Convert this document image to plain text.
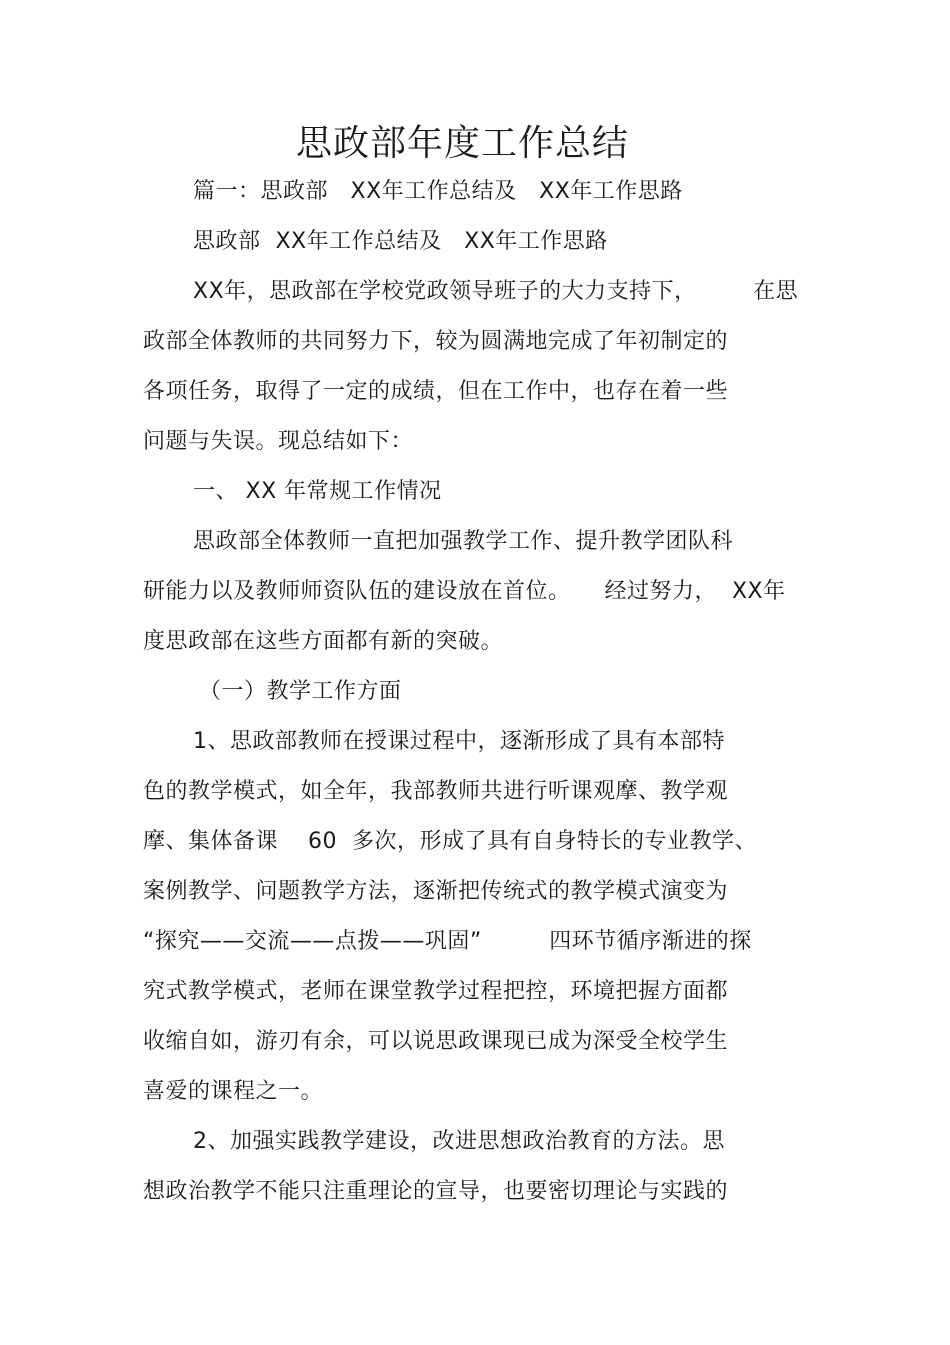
思政部年度工作总结
篇一：思政部　XX年工作总结及　XX年工作思路
思政部  XX年工作总结及　XX年工作思路
XX年，思政部在学校党政领导班子的大力支持下，　　　在思
政部全体教师的共同努力下，较为圆满地完成了年初制定的
各项任务，取得了一定的成绩，但在工作中，也存在着一些
问题与失误。现总结如下：
一、 XX 年常规工作情况
思政部全体教师一直把加强教学工作、提升教学团队科
研能力以及教师师资队伍的建设放在首位。　　经过努力，  XX年
度思政部在这些方面都有新的突破。
（一）教学工作方面
1、思政部教师在授课过程中，逐渐形成了具有本部特
色的教学模式，如全年，我部教师共进行听课观摩、教学观
摩、集体备课　 60  多次，形成了具有自身特长的专业教学、
案例教学、问题教学方法，逐渐把传统式的教学模式演变为
“探究——交流——点拨——巩固”　　　四环节循序渐进的探
究式教学模式，老师在课堂教学过程把控，环境把握方面都
收缩自如，游刃有余，可以说思政课现已成为深受全校学生
喜爱的课程之一。
2、加强实践教学建设，改进思想政治教育的方法。思
想政治教学不能只注重理论的宣导，也要密切理论与实践的
